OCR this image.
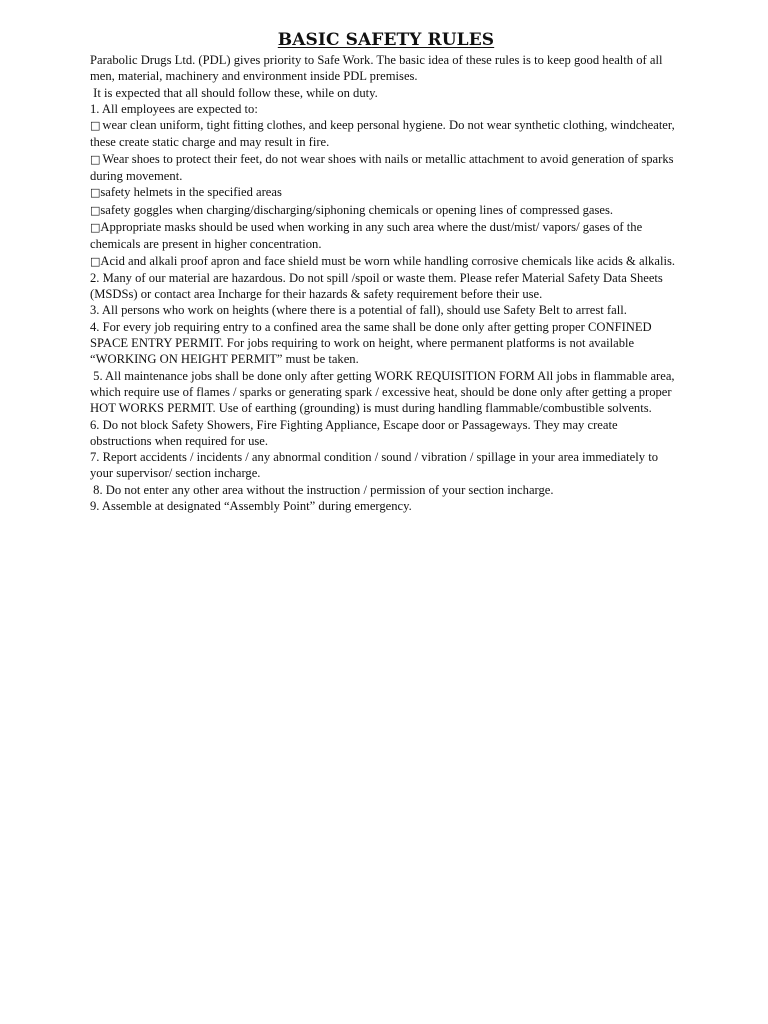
BASIC SAFETY RULES

Parabolic Drugs Ltd. (PDL) gives priority to Safe Work. The basic idea of these rules is to keep good health of all men, material, machinery and environment inside PDL premises.

It is expected that all should follow these, while on duty.

1. All employees are expected to:

□ wear clean uniform, tight fitting clothes, and keep personal hygiene. Do not wear synthetic clothing, windcheater, these create static charge and may result in fire.

□ Wear shoes to protect their feet, do not wear shoes with nails or metallic attachment to avoid generation of sparks during movement.

□safety helmets in the specified areas

□safety goggles when charging/discharging/siphoning chemicals or opening lines of compressed gases.

□Appropriate masks should be used when working in any such area where the dust/mist/ vapors/ gases of the chemicals are present in higher concentration.

□Acid and alkali proof apron and face shield must be worn while handling corrosive chemicals like acids & alkalis.

2. Many of our material are hazardous. Do not spill /spoil or waste them. Please refer Material Safety Data Sheets (MSDSs) or contact area Incharge for their hazards & safety requirement before their use.

3. All persons who work on heights (where there is a potential of fall), should use Safety Belt to arrest fall.

4. For every job requiring entry to a confined area the same shall be done only after getting proper CONFINED SPACE ENTRY PERMIT. For jobs requiring to work on height, where permanent platforms is not available

“WORKING ON HEIGHT PERMIT” must be taken.

5. All maintenance jobs shall be done only after getting WORK REQUISITION FORM All jobs in flammable area, which require use of flames / sparks or generating spark / excessive heat, should be done only after getting a proper HOT WORKS PERMIT. Use of earthing (grounding) is must during handling flammable/combustible solvents.

6. Do not block Safety Showers, Fire Fighting Appliance, Escape door or Passageways. They may create obstructions when required for use.

7. Report accidents / incidents / any abnormal condition / sound / vibration / spillage in your area immediately to your supervisor/ section incharge.

8. Do not enter any other area without the instruction / permission of your section incharge.

9. Assemble at designated “Assembly Point” during emergency.
